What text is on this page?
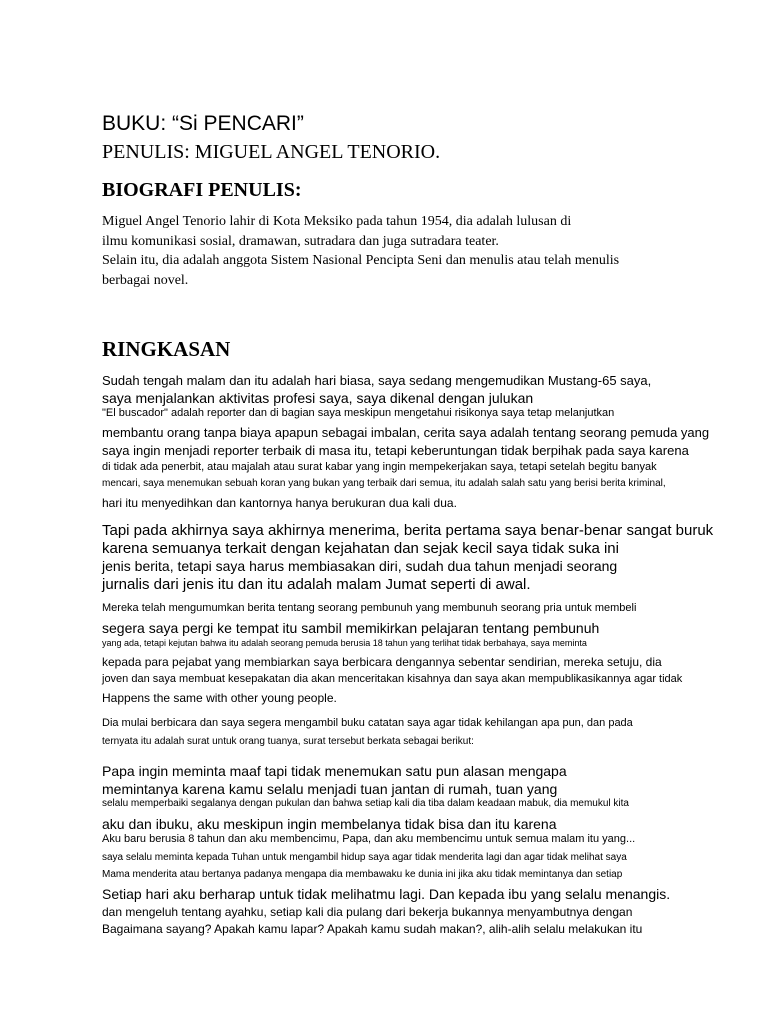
BUKU: “Si PENCARI”
PENULIS: MIGUEL ANGEL TENORIO.
BIOGRAFI PENULIS:
Miguel Angel Tenorio lahir di Kota Meksiko pada tahun 1954, dia adalah lulusan di
ilmu komunikasi sosial, dramawan, sutradara dan juga sutradara teater.
Selain itu, dia adalah anggota Sistem Nasional Pencipta Seni dan menulis atau telah menulis
berbagai novel.
RINGKASAN
Sudah tengah malam dan itu adalah hari biasa, saya sedang mengemudikan Mustang-65 saya,
saya menjalankan aktivitas profesi saya, saya dikenal dengan julukan
"El buscador" adalah reporter dan di bagian saya meskipun mengetahui risikonya saya tetap melanjutkan
membantu orang tanpa biaya apapun sebagai imbalan, cerita saya adalah tentang seorang pemuda yang
saya ingin menjadi reporter terbaik di masa itu, tetapi keberuntungan tidak berpihak pada saya karena
di tidak ada penerbit, atau majalah atau surat kabar yang ingin mempekerjakan saya, tetapi setelah begitu banyak
mencari, saya menemukan sebuah koran yang bukan yang terbaik dari semua, itu adalah salah satu yang berisi berita kriminal,
hari itu menyedihkan dan kantornya hanya berukuran dua kali dua.
Tapi pada akhirnya saya akhirnya menerima, berita pertama saya benar-benar sangat buruk
karena semuanya terkait dengan kejahatan dan sejak kecil saya tidak suka ini
jenis berita, tetapi saya harus membiasakan diri, sudah dua tahun menjadi seorang
jurnalis dari jenis itu dan itu adalah malam Jumat seperti di awal.
Mereka telah mengumumkan berita tentang seorang pembunuh yang membunuh seorang pria untuk membeli
segera saya pergi ke tempat itu sambil memikirkan pelajaran tentang pembunuh
yang ada, tetapi kejutan bahwa itu adalah seorang pemuda berusia 18 tahun yang terlihat tidak berbahaya, saya meminta
kepada para pejabat yang membiarkan saya berbicara dengannya sebentar sendirian, mereka setuju, dia
joven dan saya membuat kesepakatan dia akan menceritakan kisahnya dan saya akan mempublikasikannya agar tidak
Happens the same with other young people.
Dia mulai berbicara dan saya segera mengambil buku catatan saya agar tidak kehilangan apa pun, dan pada
ternyata itu adalah surat untuk orang tuanya, surat tersebut berkata sebagai berikut:
Papa ingin meminta maaf tapi tidak menemukan satu pun alasan mengapa
memintanya karena kamu selalu menjadi tuan jantan di rumah, tuan yang
selalu memperbaiki segalanya dengan pukulan dan bahwa setiap kali dia tiba dalam keadaan mabuk, dia memukul kita
aku dan ibuku, aku meskipun ingin membelanya tidak bisa dan itu karena
Aku baru berusia 8 tahun dan aku membencimu, Papa, dan aku membencimu untuk semua malam itu yang...
saya selalu meminta kepada Tuhan untuk mengambil hidup saya agar tidak menderita lagi dan agar tidak melihat saya
Mama menderita atau bertanya padanya mengapa dia membawaku ke dunia ini jika aku tidak memintanya dan setiap
Setiap hari aku berharap untuk tidak melihatmu lagi. Dan kepada ibu yang selalu menangis.
dan mengeluh tentang ayahku, setiap kali dia pulang dari bekerja bukannya menyambutnya dengan
Bagaimana sayang? Apakah kamu lapar? Apakah kamu sudah makan?, alih-alih selalu melakukan itu
